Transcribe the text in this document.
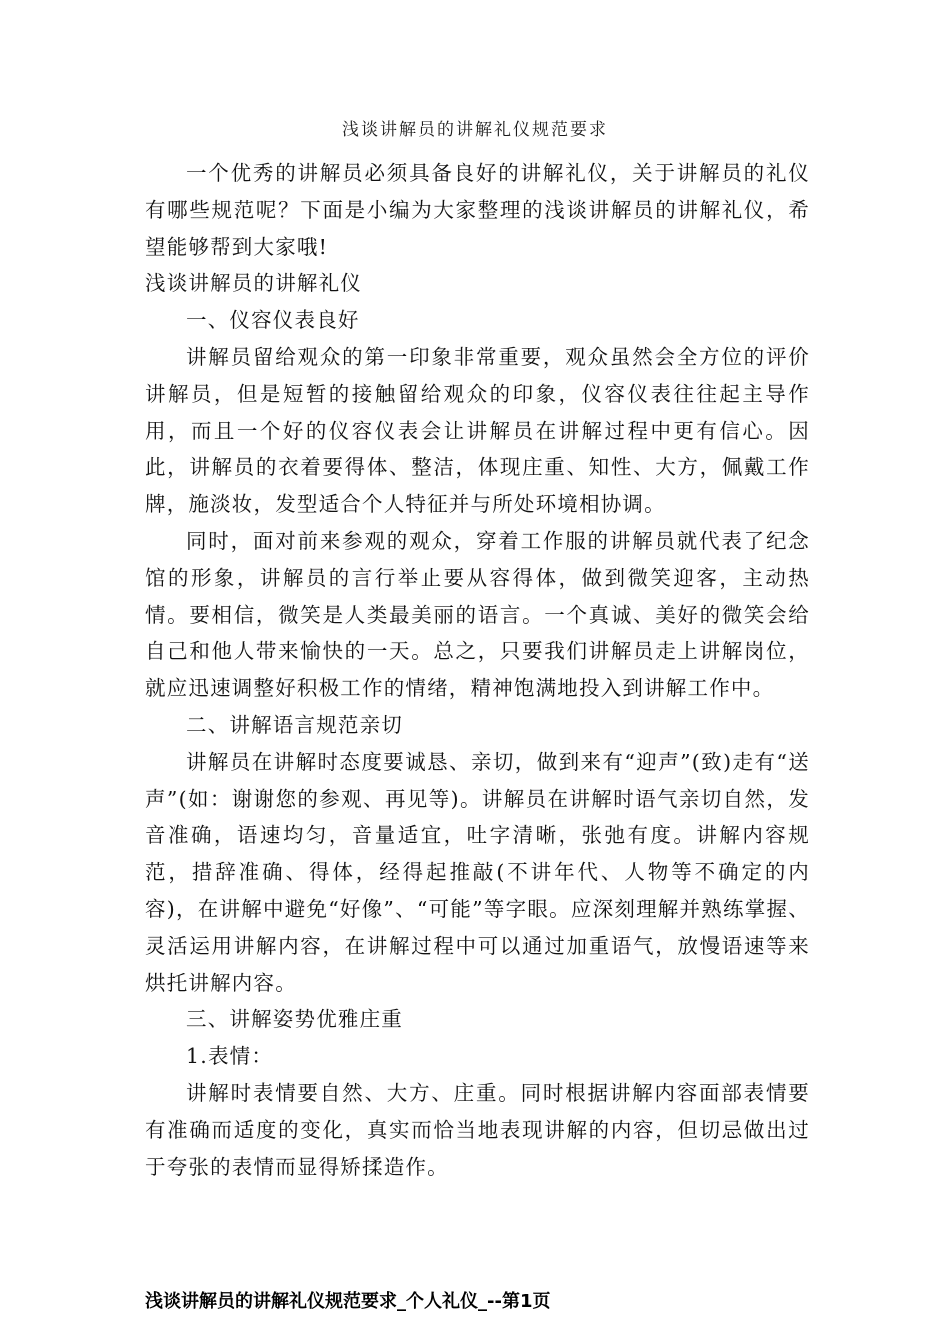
浅谈讲解员的讲解礼仪规范要求

一个优秀的讲解员必须具备良好的讲解礼仪，关于讲解员的礼仪有哪些规范呢？下面是小编为大家整理的浅谈讲解员的讲解礼仪，希望能够帮到大家哦!

浅谈讲解员的讲解礼仪

一、仪容仪表良好

讲解员留给观众的第一印象非常重要，观众虽然会全方位的评价讲解员，但是短暂的接触留给观众的印象，仪容仪表往往起主导作用，而且一个好的仪容仪表会让讲解员在讲解过程中更有信心。因此，讲解员的衣着要得体、整洁，体现庄重、知性、大方，佩戴工作牌，施淡妆，发型适合个人特征并与所处环境相协调。

同时，面对前来参观的观众，穿着工作服的讲解员就代表了纪念馆的形象，讲解员的言行举止要从容得体，做到微笑迎客，主动热情。要相信，微笑是人类最美丽的语言。一个真诚、美好的微笑会给自己和他人带来愉快的一天。总之，只要我们讲解员走上讲解岗位，就应迅速调整好积极工作的情绪，精神饱满地投入到讲解工作中。

二、讲解语言规范亲切

讲解员在讲解时态度要诚恳、亲切，做到来有“迎声”(致)走有“送声”(如：谢谢您的参观、再见等)。讲解员在讲解时语气亲切自然，发音准确，语速均匀，音量适宜，吐字清晰，张弛有度。讲解内容规范，措辞准确、得体，经得起推敲(不讲年代、人物等不确定的内容)，在讲解中避免“好像”、“可能”等字眼。应深刻理解并熟练掌握、灵活运用讲解内容，在讲解过程中可以通过加重语气，放慢语速等来烘托讲解内容。

三、讲解姿势优雅庄重

1.表情：

讲解时表情要自然、大方、庄重。同时根据讲解内容面部表情要有准确而适度的变化，真实而恰当地表现讲解的内容，但切忌做出过于夸张的表情而显得矫揉造作。

浅谈讲解员的讲解礼仪规范要求_个人礼仪_--第1页
